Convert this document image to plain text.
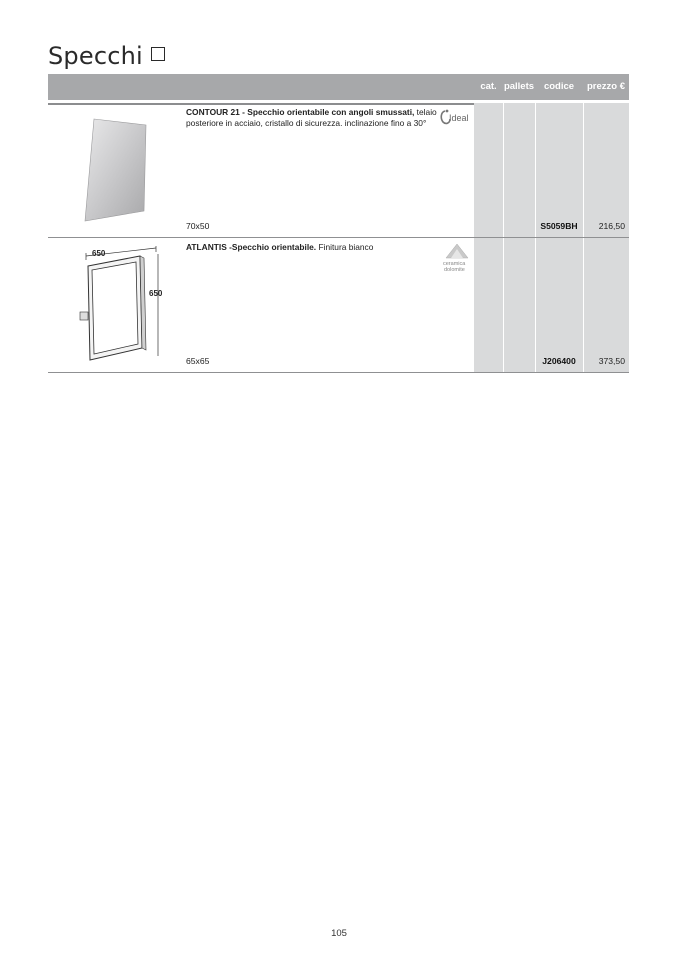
Specchi
cat. pallets	codice	prezzo €
CONTOUR 21 - Specchio orientabile con angoli smussati, telaio
posteriore in acciaio, cristallo di sicurezza. inclinazione fino a 30°	Ideal
70x50	S5059BH	216,50
650
650
ATLANTIS -Specchio orientabile. Finitura bianco
ceramica
dolomite
65x65	J206400	373,50
105
